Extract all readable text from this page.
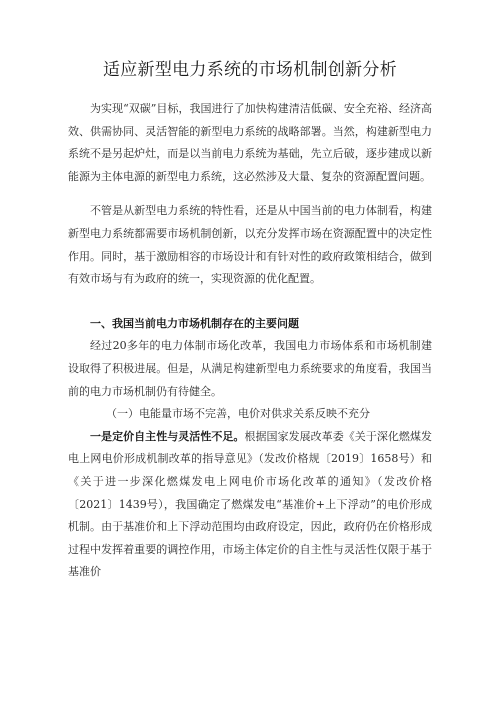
适应新型电力系统的市场机制创新分析

为实现“双碳”目标，我国进行了加快构建清洁低碳、安全充裕、经济高效、供需协同、灵活智能的新型电力系统的战略部署。当然，构建新型电力系统不是另起炉灶，而是以当前电力系统为基础，先立后破，逐步建成以新能源为主体电源的新型电力系统，这必然涉及大量、复杂的资源配置问题。

不管是从新型电力系统的特性看，还是从中国当前的电力体制看，构建新型电力系统都需要市场机制创新，以充分发挥市场在资源配置中的决定性作用。同时，基于激励相容的市场设计和有针对性的政府政策相结合，做到有效市场与有为政府的统一，实现资源的优化配置。

一、我国当前电力市场机制存在的主要问题

经过20多年的电力体制市场化改革，我国电力市场体系和市场机制建设取得了积极进展。但是，从满足构建新型电力系统要求的角度看，我国当前的电力市场机制仍有待健全。

（一）电能量市场不完善，电价对供求关系反映不充分

一是定价自主性与灵活性不足。根据国家发展改革委《关于深化燃煤发电上网电价形成机制改革的指导意见》（发改价格规〔2019〕1658号）和《关于进一步深化燃煤发电上网电价市场化改革的通知》（发改价格〔2021〕1439号），我国确定了燃煤发电“基准价+上下浮动”的电价形成机制。由于基准价和上下浮动范围均由政府设定，因此，政府仍在价格形成过程中发挥着重要的调控作用，市场主体定价的自主性与灵活性仅限于基于基准价
